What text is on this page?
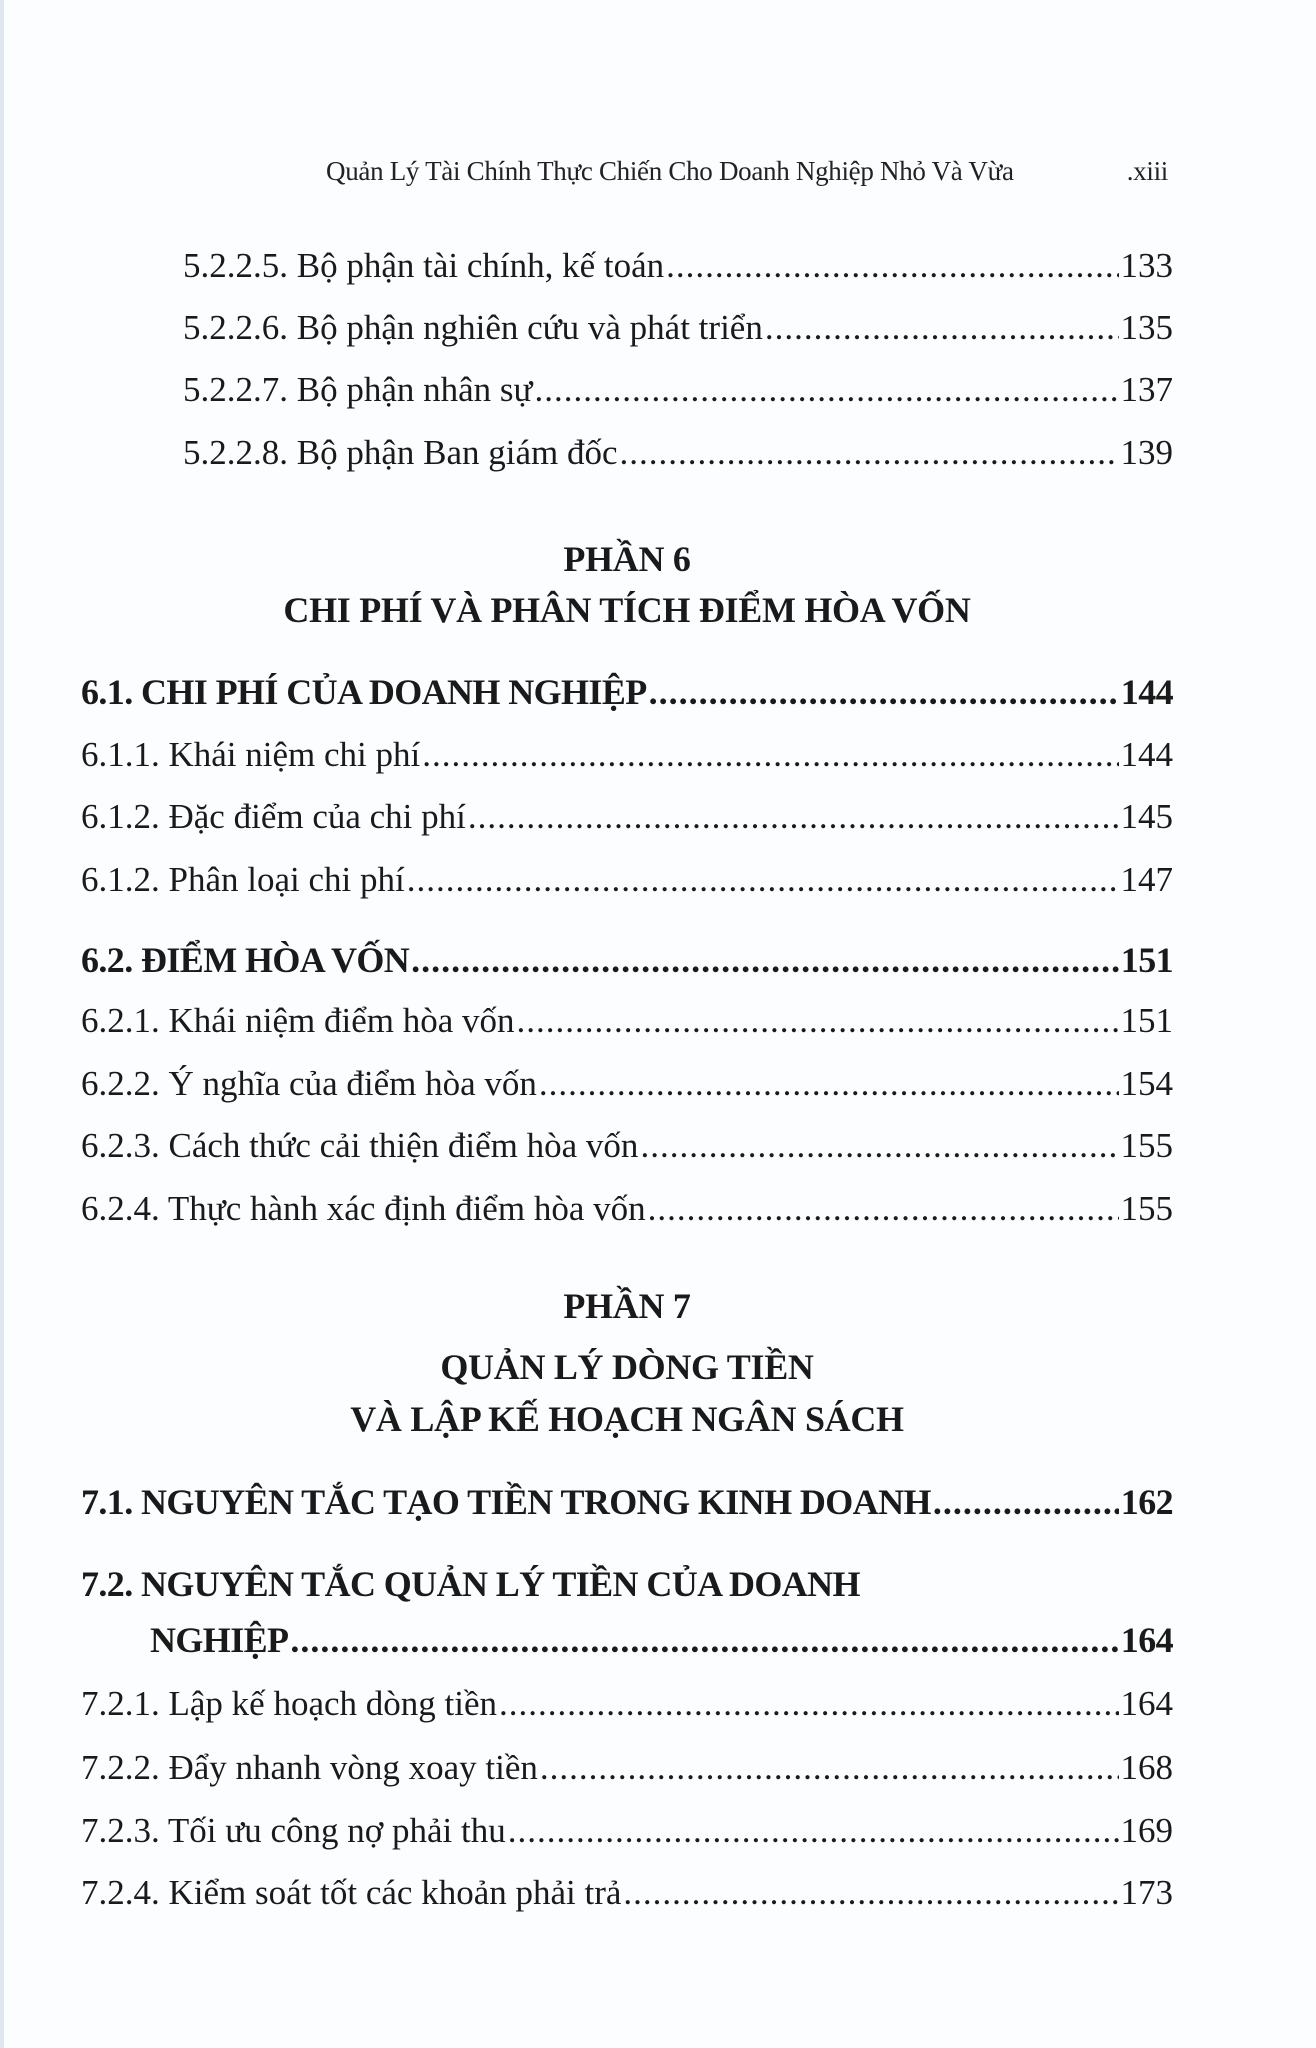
Quản Lý Tài Chính Thực Chiến Cho Doanh Nghiệp Nhỏ Và Vừa	.xiii
5.2.2.5. Bộ phận tài chính, kế toán .....	133
5.2.2.6. Bộ phận nghiên cứu và phát triển .....	135
5.2.2.7. Bộ phận nhân sự .....	137
5.2.2.8. Bộ phận Ban giám đốc .....	139
PHẦN 6
CHI PHÍ VÀ PHÂN TÍCH ĐIỂM HÒA VỐN
6.1. CHI PHÍ CỦA DOANH NGHIỆP .....	144
6.1.1. Khái niệm chi phí .....	144
6.1.2. Đặc điểm của chi phí .....	145
6.1.2. Phân loại chi phí .....	147
6.2. ĐIỂM HÒA VỐN .....	151
6.2.1. Khái niệm điểm hòa vốn .....	151
6.2.2. Ý nghĩa của điểm hòa vốn .....	154
6.2.3. Cách thức cải thiện điểm hòa vốn .....	155
6.2.4. Thực hành xác định điểm hòa vốn .....	155
PHẦN 7
QUẢN LÝ DÒNG TIỀN
VÀ LẬP KẾ HOẠCH NGÂN SÁCH
7.1. NGUYÊN TẮC TẠO TIỀN TRONG KINH DOANH .....	162
7.2. NGUYÊN TẮC QUẢN LÝ TIỀN CỦA DOANH
NGHIỆP .....	164
7.2.1. Lập kế hoạch dòng tiền .....	164
7.2.2. Đẩy nhanh vòng xoay tiền .....	168
7.2.3. Tối ưu công nợ phải thu .....	169
7.2.4. Kiểm soát tốt các khoản phải trả .....	173
